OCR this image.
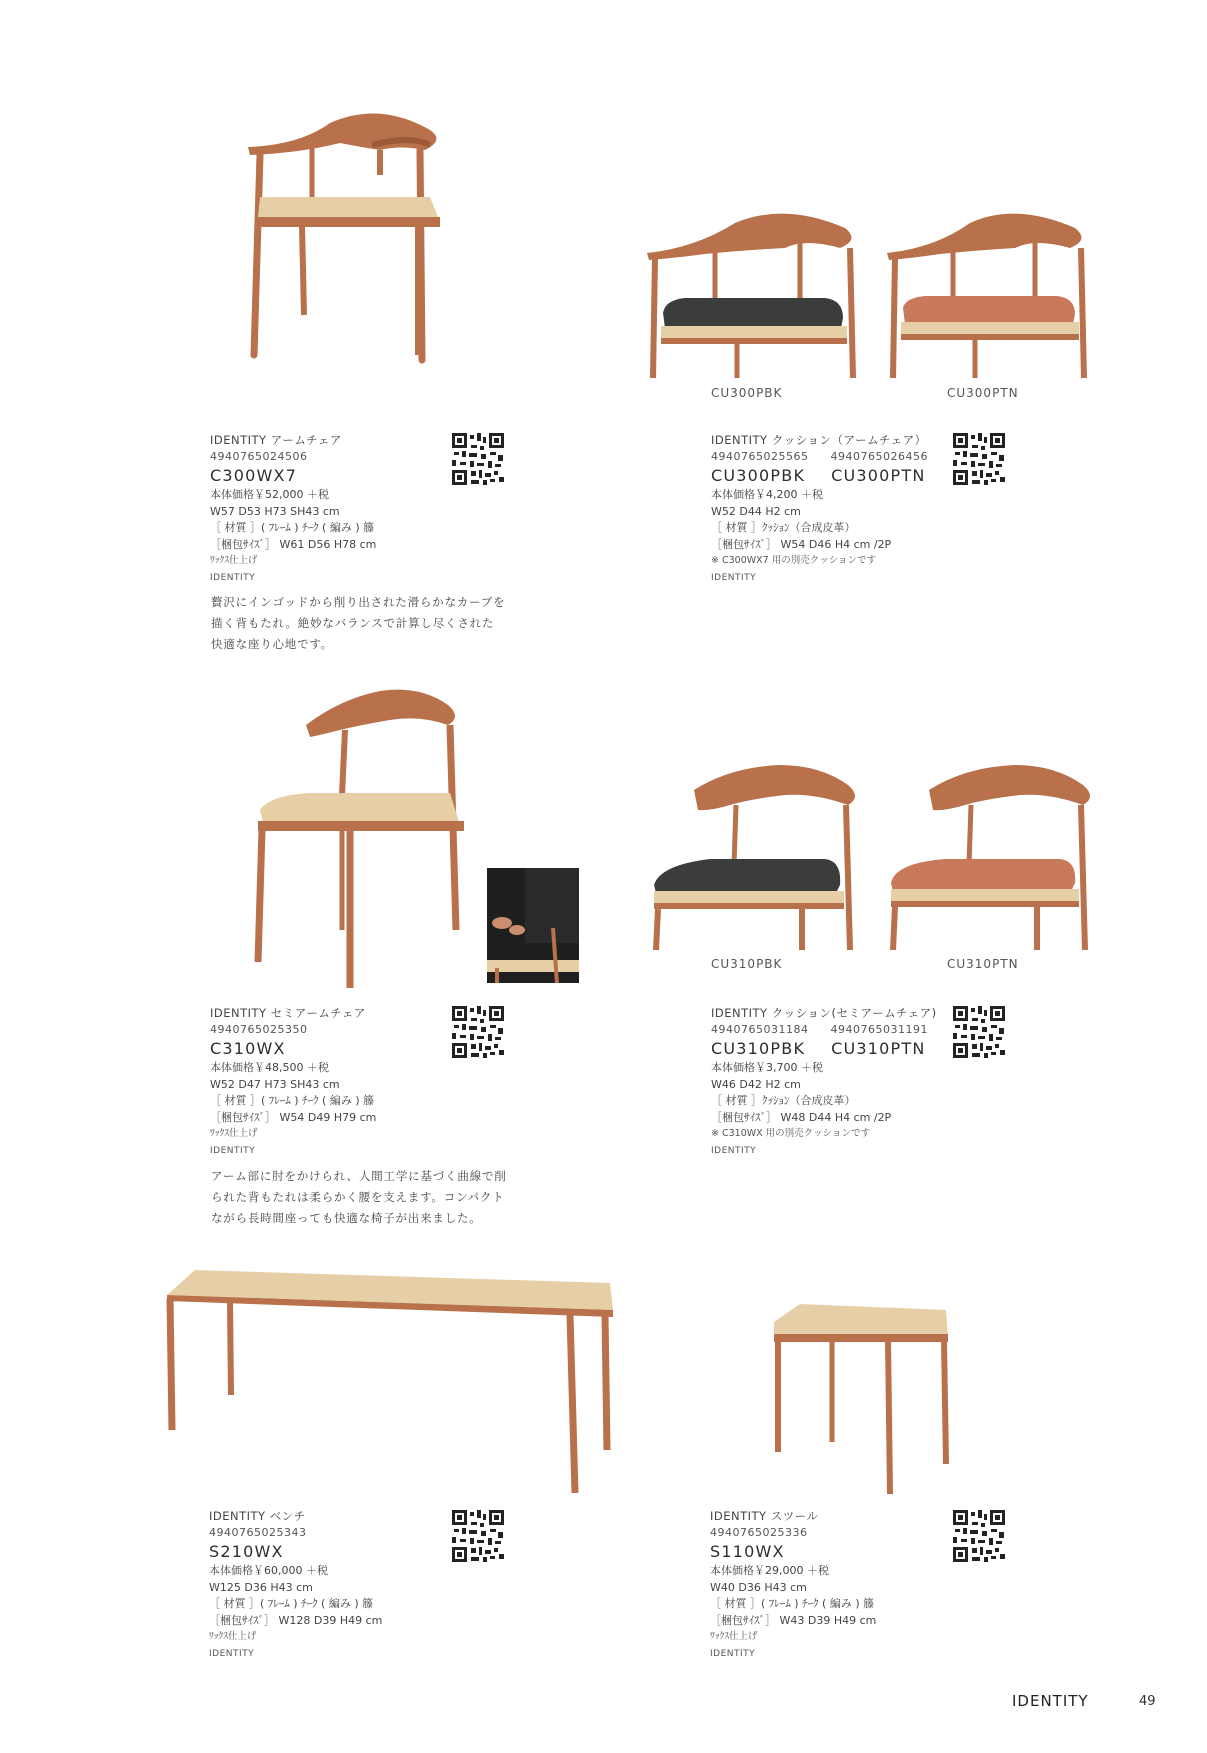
CU300PBK	CU300PTN
CU310PBK	CU310PTN
IDENTITY アームチェア
4940765024506
C300WX7
本体価格￥52,000 ＋税
W57 D53 H73 SH43 cm
［ 材質 ］( ﾌﾚｰﾑ ) ﾁｰｸ ( 編み ) 籐
［梱包ｻｲｽﾞ］ W61 D56 H78 cm
ﾜｯｸｽ仕上げ
IDENTITY
贅沢にインゴッドから削り出された滑らかなカーブを
描く背もたれ。絶妙なバランスで計算し尽くされた
快適な座り心地です。
IDENTITY クッション（アームチェア）
4940765025565 4940765026456
CU300PBK CU300PTN
本体価格￥4,200 ＋税
W52 D44 H2 cm
［ 材質 ］ｸｯｼｮﾝ（合成皮革）
［梱包ｻｲｽﾞ］ W54 D46 H4 cm /2P
※ C300WX7 用の別売クッションです
IDENTITY
IDENTITY セミアームチェア
4940765025350
C310WX
本体価格￥48,500 ＋税
W52 D47 H73 SH43 cm
［ 材質 ］( ﾌﾚｰﾑ ) ﾁｰｸ ( 編み ) 籐
［梱包ｻｲｽﾞ］ W54 D49 H79 cm
ﾜｯｸｽ仕上げ
IDENTITY
アーム部に肘をかけられ、人間工学に基づく曲線で削
られた背もたれは柔らかく腰を支えます。コンパクト
ながら長時間座っても快適な椅子が出来ました。
IDENTITY クッション(セミアームチェア)
4940765031184 4940765031191
CU310PBK CU310PTN
本体価格￥3,700 ＋税
W46 D42 H2 cm
［ 材質 ］ｸｯｼｮﾝ（合成皮革）
［梱包ｻｲｽﾞ］ W48 D44 H4 cm /2P
※ C310WX 用の別売クッションです
IDENTITY
IDENTITY ベンチ
4940765025343
S210WX
本体価格￥60,000 ＋税
W125 D36 H43 cm
［ 材質 ］( ﾌﾚｰﾑ ) ﾁｰｸ ( 編み ) 籐
［梱包ｻｲｽﾞ］ W128 D39 H49 cm
ﾜｯｸｽ仕上げ
IDENTITY
IDENTITY スツール
4940765025336
S110WX
本体価格￥29,000 ＋税
W40 D36 H43 cm
［ 材質 ］( ﾌﾚｰﾑ ) ﾁｰｸ ( 編み ) 籐
［梱包ｻｲｽﾞ］ W43 D39 H49 cm
ﾜｯｸｽ仕上げ
IDENTITY
IDENTITY	49
